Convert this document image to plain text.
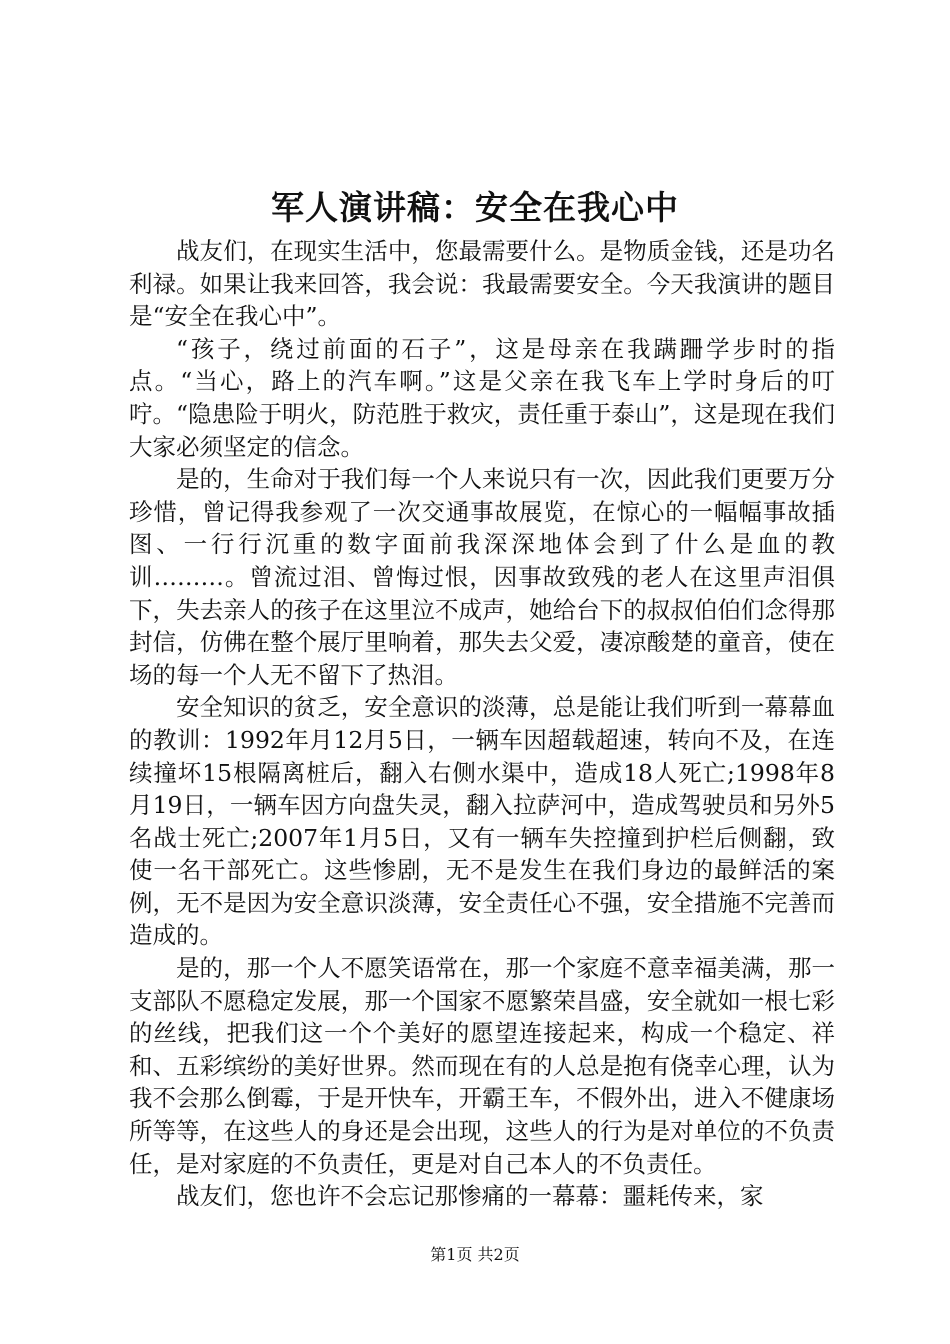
军人演讲稿：安全在我心中

战友们，在现实生活中，您最需要什么。是物质金钱，还是功名利禄。如果让我来回答，我会说：我最需要安全。今天我演讲的题目是“安全在我心中”。

“孩子，绕过前面的石子”，这是母亲在我蹒跚学步时的指点。“当心，路上的汽车啊。”这是父亲在我飞车上学时身后的叮咛。“隐患险于明火，防范胜于救灾，责任重于泰山”，这是现在我们大家必须坚定的信念。

是的，生命对于我们每一个人来说只有一次，因此我们更要万分珍惜，曾记得我参观了一次交通事故展览，在惊心的一幅幅事故插图、一行行沉重的数字面前我深深地体会到了什么是血的教训………。曾流过泪、曾悔过恨，因事故致残的老人在这里声泪俱下，失去亲人的孩子在这里泣不成声，她给台下的叔叔伯伯们念得那封信，仿佛在整个展厅里响着，那失去父爱，凄凉酸楚的童音，使在场的每一个人无不留下了热泪。

安全知识的贫乏，安全意识的淡薄，总是能让我们听到一幕幕血的教训：1992年月12月5日，一辆车因超载超速，转向不及，在连续撞坏15根隔离桩后，翻入右侧水渠中，造成18人死亡;1998年8月19日，一辆车因方向盘失灵，翻入拉萨河中，造成驾驶员和另外5名战士死亡;2007年1月5日，又有一辆车失控撞到护栏后侧翻，致使一名干部死亡。这些惨剧，无不是发生在我们身边的最鲜活的案例，无不是因为安全意识淡薄，安全责任心不强，安全措施不完善而造成的。

是的，那一个人不愿笑语常在，那一个家庭不意幸福美满，那一支部队不愿稳定发展，那一个国家不愿繁荣昌盛，安全就如一根七彩的丝线，把我们这一个个美好的愿望连接起来，构成一个稳定、祥和、五彩缤纷的美好世界。然而现在有的人总是抱有侥幸心理，认为我不会那么倒霉，于是开快车，开霸王车，不假外出，进入不健康场所等等，在这些人的身还是会出现，这些人的行为是对单位的不负责任，是对家庭的不负责任，更是对自己本人的不负责任。

战友们，您也许不会忘记那惨痛的一幕幕：噩耗传来，家

第1页 共2页
